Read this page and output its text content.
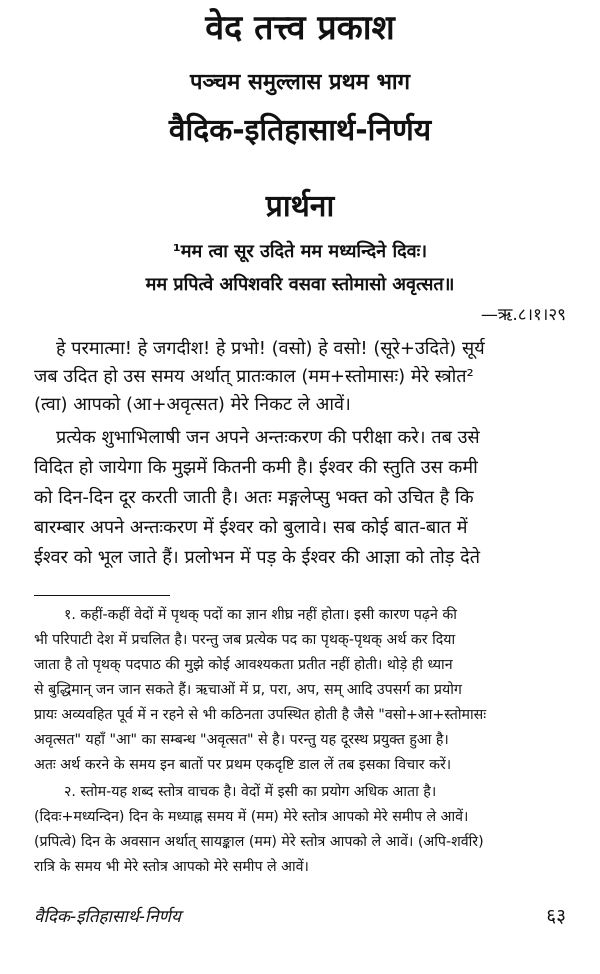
वेद तत्त्व प्रकाश
पञ्चम समुल्लास प्रथम भाग
वैदिक-इतिहासार्थ-निर्णय
प्रार्थना
¹मम त्वा सूर उदिते मम मध्यन्दिने दिवः।
मम प्रपित्वे अपिशवरि वसवा स्तोमासो अवृत्सत॥
—ऋ.८।१।२९
हे परमात्मा! हे जगदीश! हे प्रभो! (वसो) हे वसो! (सूरे+उदिते) सूर्य
जब उदित हो उस समय अर्थात् प्रातःकाल (मम+स्तोमासः) मेरे स्त्रोत²
(त्वा) आपको (आ+अवृत्सत) मेरे निकट ले आवें।
प्रत्येक शुभाभिलाषी जन अपने अन्तःकरण की परीक्षा करे। तब उसे
विदित हो जायेगा कि मुझमें कितनी कमी है। ईश्वर की स्तुति उस कमी
को दिन-दिन दूर करती जाती है। अतः मङ्गलेप्सु भक्त को उचित है कि
बारम्बार अपने अन्तःकरण में ईश्वर को बुलावे। सब कोई बात-बात में
ईश्वर को भूल जाते हैं। प्रलोभन में पड़ के ईश्वर की आज्ञा को तोड़ देते
१. कहीं-कहीं वेदों में पृथक् पदों का ज्ञान शीघ्र नहीं होता। इसी कारण पढ़ने की
भी परिपाटी देश में प्रचलित है। परन्तु जब प्रत्येक पद का पृथक्-पृथक् अर्थ कर दिया
जाता है तो पृथक् पदपाठ की मुझे कोई आवश्यकता प्रतीत नहीं होती। थोड़े ही ध्यान
से बुद्धिमान् जन जान सकते हैं। ऋचाओं में प्र, परा, अप, सम् आदि उपसर्ग का प्रयोग
प्रायः अव्यवहित पूर्व में न रहने से भी कठिनता उपस्थित होती है जैसे "वसो+आ+स्तोमासः
अवृत्सत" यहाँ "आ" का सम्बन्ध "अवृत्सत" से है। परन्तु यह दूरस्थ प्रयुक्त हुआ है।
अतः अर्थ करने के समय इन बातों पर प्रथम एकदृष्टि डाल लें तब इसका विचार करें।
२. स्तोम-यह शब्द स्तोत्र वाचक है। वेदों में इसी का प्रयोग अधिक आता है।
(दिवः+मध्यन्दिन) दिन के मध्याह्न समय में (मम) मेरे स्तोत्र आपको मेरे समीप ले आवें।
(प्रपित्वे) दिन के अवसान अर्थात् सायङ्काल (मम) मेरे स्तोत्र आपको ले आवें। (अपि-शर्वरि)
रात्रि के समय भी मेरे स्तोत्र आपको मेरे समीप ले आवें।
वैदिक-इतिहासार्थ-निर्णय	६३
